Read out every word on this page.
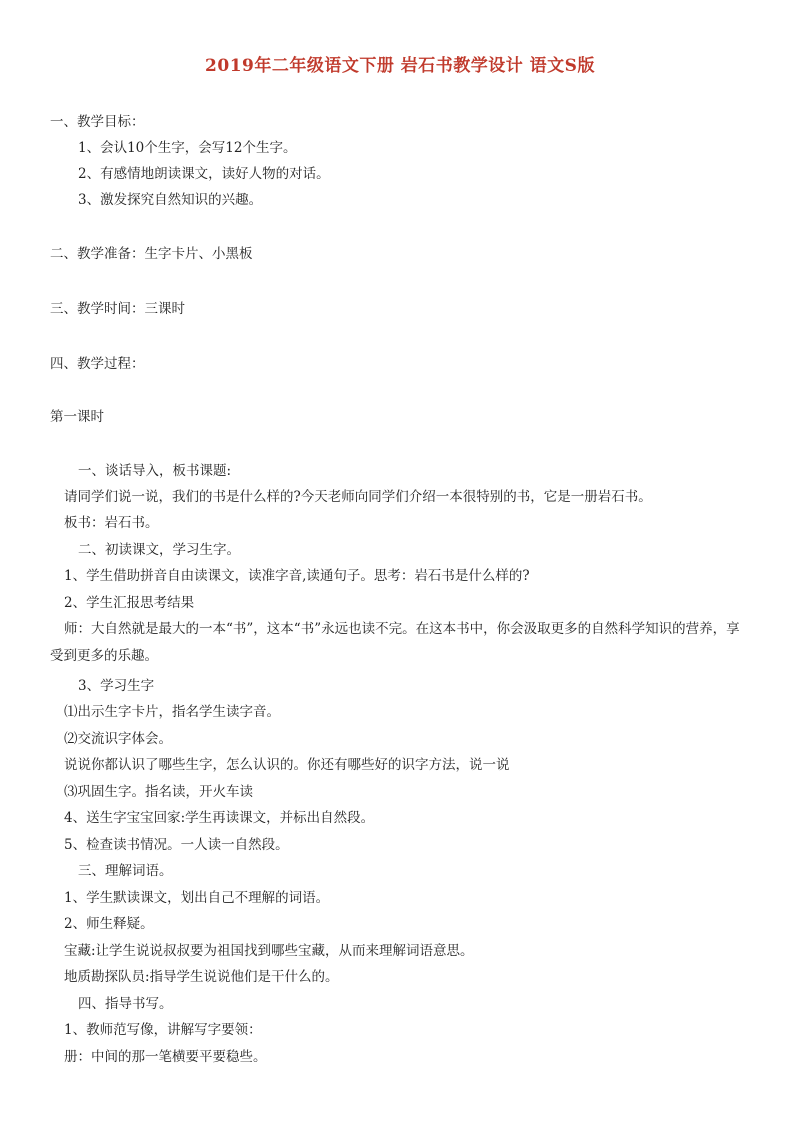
2019年二年级语文下册 岩石书教学设计 语文S版
一、教学目标：
1、会认10个生字，会写12个生字。
2、有感情地朗读课文，读好人物的对话。
3、激发探究自然知识的兴趣。
二、教学准备：生字卡片、小黑板
三、教学时间：三课时
四、教学过程：
第一课时
一、谈话导入，板书课题:
请同学们说一说，我们的书是什么样的?今天老师向同学们介绍一本很特别的书，它是一册岩石书。
板书：岩石书。
二、初读课文，学习生字。
1、学生借助拼音自由读课文，读准字音,读通句子。思考：岩石书是什么样的?
2、学生汇报思考结果
师：大自然就是最大的一本“书”，这本“书”永远也读不完。在这本书中，你会汲取更多的自然科学知识的营养，享受到更多的乐趣。
3、学习生字
⑴出示生字卡片，指名学生读字音。
⑵交流识字体会。
说说你都认识了哪些生字，怎么认识的。你还有哪些好的识字方法，说一说
⑶巩固生字。指名读，开火车读
4、送生字宝宝回家:学生再读课文，并标出自然段。
5、检查读书情况。一人读一自然段。
三、理解词语。
1、学生默读课文，划出自己不理解的词语。
2、师生释疑。
宝藏:让学生说说叔叔要为祖国找到哪些宝藏，从而来理解词语意思。
地质勘探队员:指导学生说说他们是干什么的。
四、指导书写。
1、教师范写像，讲解写字要领：
册：中间的那一笔横要平要稳些。
